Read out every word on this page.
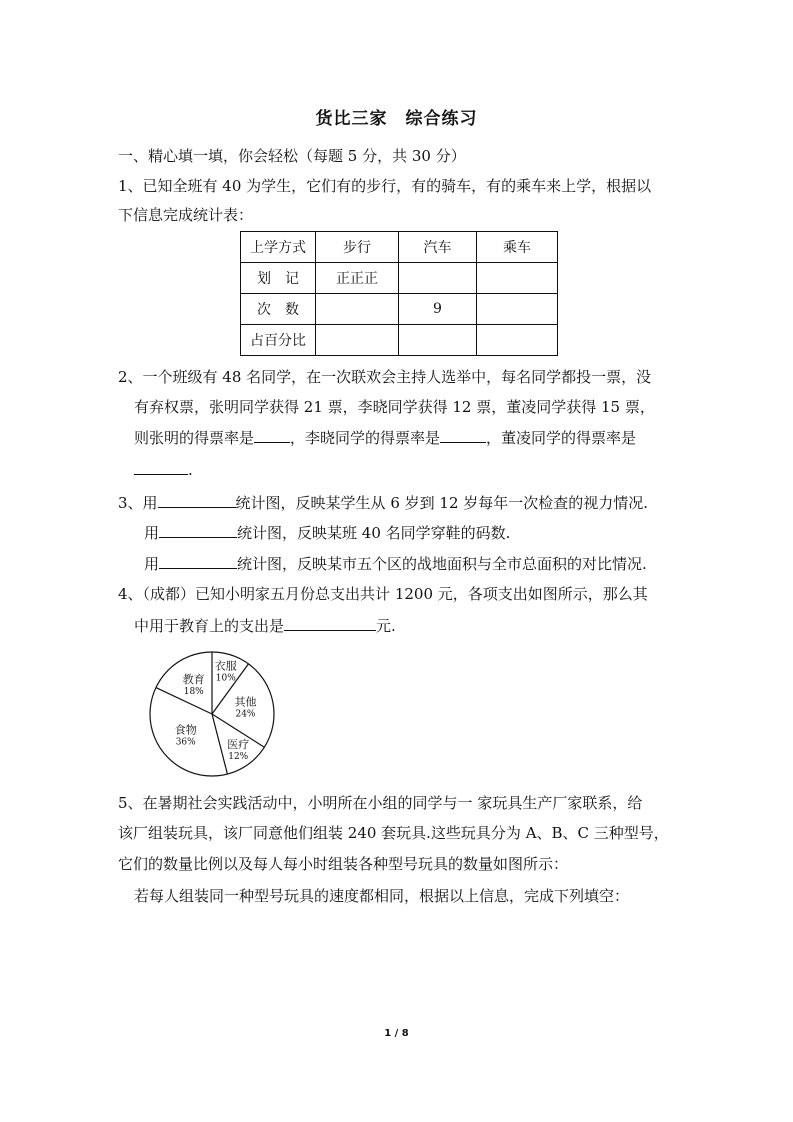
货比三家　综合练习
一、精心填一填，你会轻松（每题 5 分，共 30 分）
1、已知全班有 40 为学生，它们有的步行，有的骑车，有的乘车来上学，根据以
下信息完成统计表：
上学方式	步行	汽车	乘车
划　记	正正正		
次　数		9	
占百分比			
2、一个班级有 48 名同学，在一次联欢会主持人选举中，每名同学都投一票，没
有弃权票，张明同学获得 21 票，李晓同学获得 12 票，董凌同学获得 15 票，
则张明的得票率是 ，李晓同学的得票率是	，董凌同学的得票率是
.
3、用	统计图，反映某学生从 6 岁到 12 岁每年一次检查的视力情况.
用	统计图，反映某班 40 名同学穿鞋的码数.
用	统计图，反映某市五个区的战地面积与全市总面积的对比情况.
4、（成都）已知小明家五月份总支出共计 1200 元，各项支出如图所示，那么其
中用于教育上的支出是	元.
衣服
10%
其他
24%
医疗
12%
食物
36%
教育
18%
5、在暑期社会实践活动中，小明所在小组的同学与一 家玩具生产厂家联系，给
该厂组装玩具，该厂同意他们组装 240 套玩具.这些玩具分为 A、B、C 三种型号，
它们的数量比例以及每人每小时组装各种型号玩具的数量如图所示：
若每人组装同一种型号玩具的速度都相同，根据以上信息，完成下列填空：
1 / 8
